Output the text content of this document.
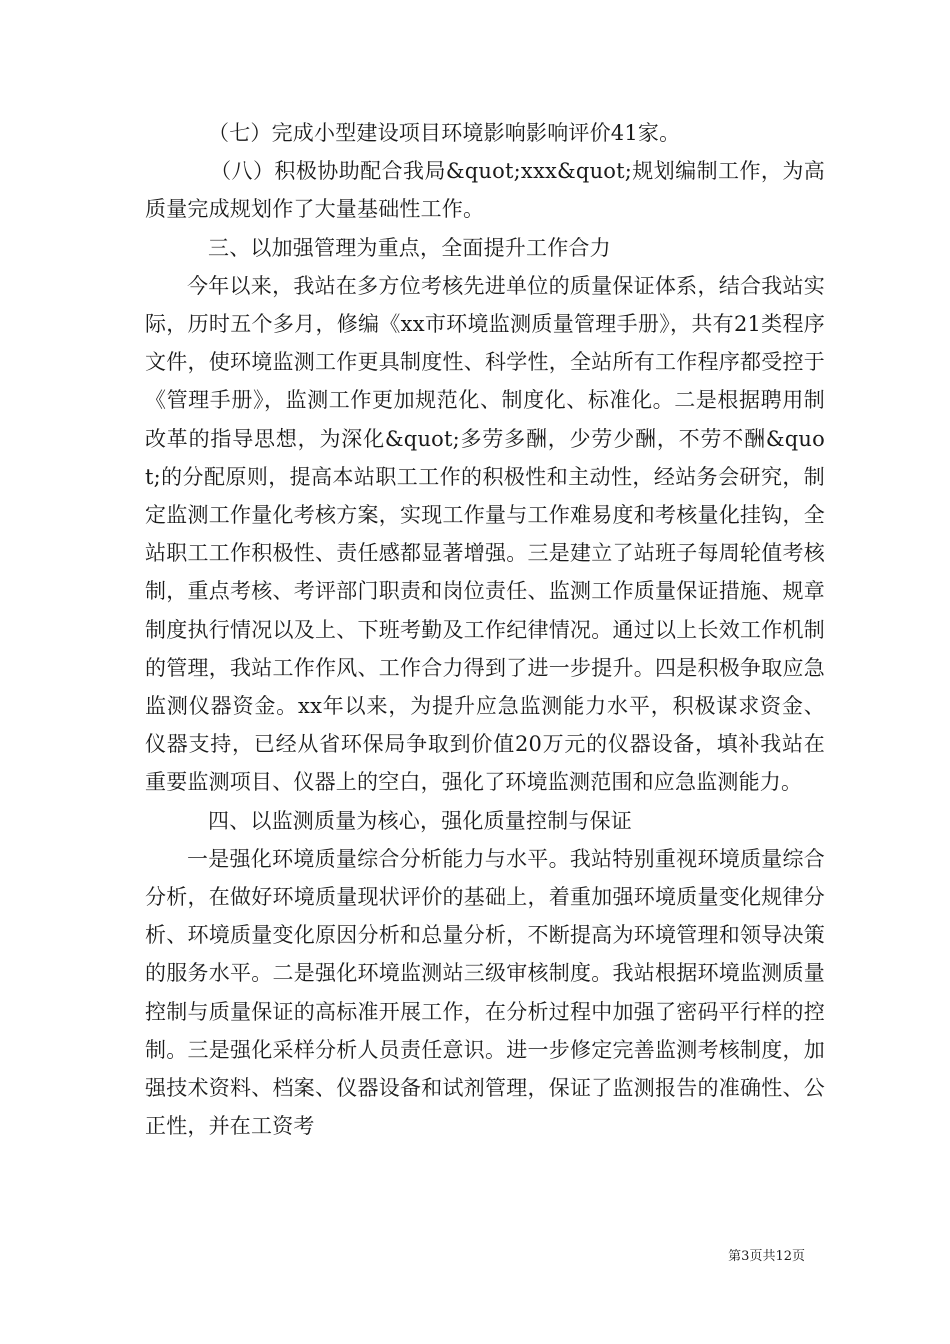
（七）完成小型建设项目环境影响影响评价41家。

（八）积极协助配合我局&quot;xxx&quot;规划编制工作，为高质量完成规划作了大量基础性工作。

三、以加强管理为重点，全面提升工作合力

今年以来，我站在多方位考核先进单位的质量保证体系，结合我站实际，历时五个多月，修编《xx市环境监测质量管理手册》，共有21类程序文件，使环境监测工作更具制度性、科学性，全站所有工作程序都受控于《管理手册》，监测工作更加规范化、制度化、标准化。二是根据聘用制改革的指导思想，为深化&quot;多劳多酬，少劳少酬，不劳不酬&quot;的分配原则，提高本站职工工作的积极性和主动性，经站务会研究，制定监测工作量化考核方案，实现工作量与工作难易度和考核量化挂钩，全站职工工作积极性、责任感都显著增强。三是建立了站班子每周轮值考核制，重点考核、考评部门职责和岗位责任、监测工作质量保证措施、规章制度执行情况以及上、下班考勤及工作纪律情况。通过以上长效工作机制的管理，我站工作作风、工作合力得到了进一步提升。四是积极争取应急监测仪器资金。xx年以来，为提升应急监测能力水平，积极谋求资金、仪器支持，已经从省环保局争取到价值20万元的仪器设备，填补我站在重要监测项目、仪器上的空白，强化了环境监测范围和应急监测能力。

四、以监测质量为核心，强化质量控制与保证

一是强化环境质量综合分析能力与水平。我站特别重视环境质量综合分析，在做好环境质量现状评价的基础上，着重加强环境质量变化规律分析、环境质量变化原因分析和总量分析，不断提高为环境管理和领导决策的服务水平。二是强化环境监测站三级审核制度。我站根据环境监测质量控制与质量保证的高标准开展工作，在分析过程中加强了密码平行样的控制。三是强化采样分析人员责任意识。进一步修定完善监测考核制度，加强技术资料、档案、仪器设备和试剂管理，保证了监测报告的准确性、公正性，并在工资考

第3页共12页
